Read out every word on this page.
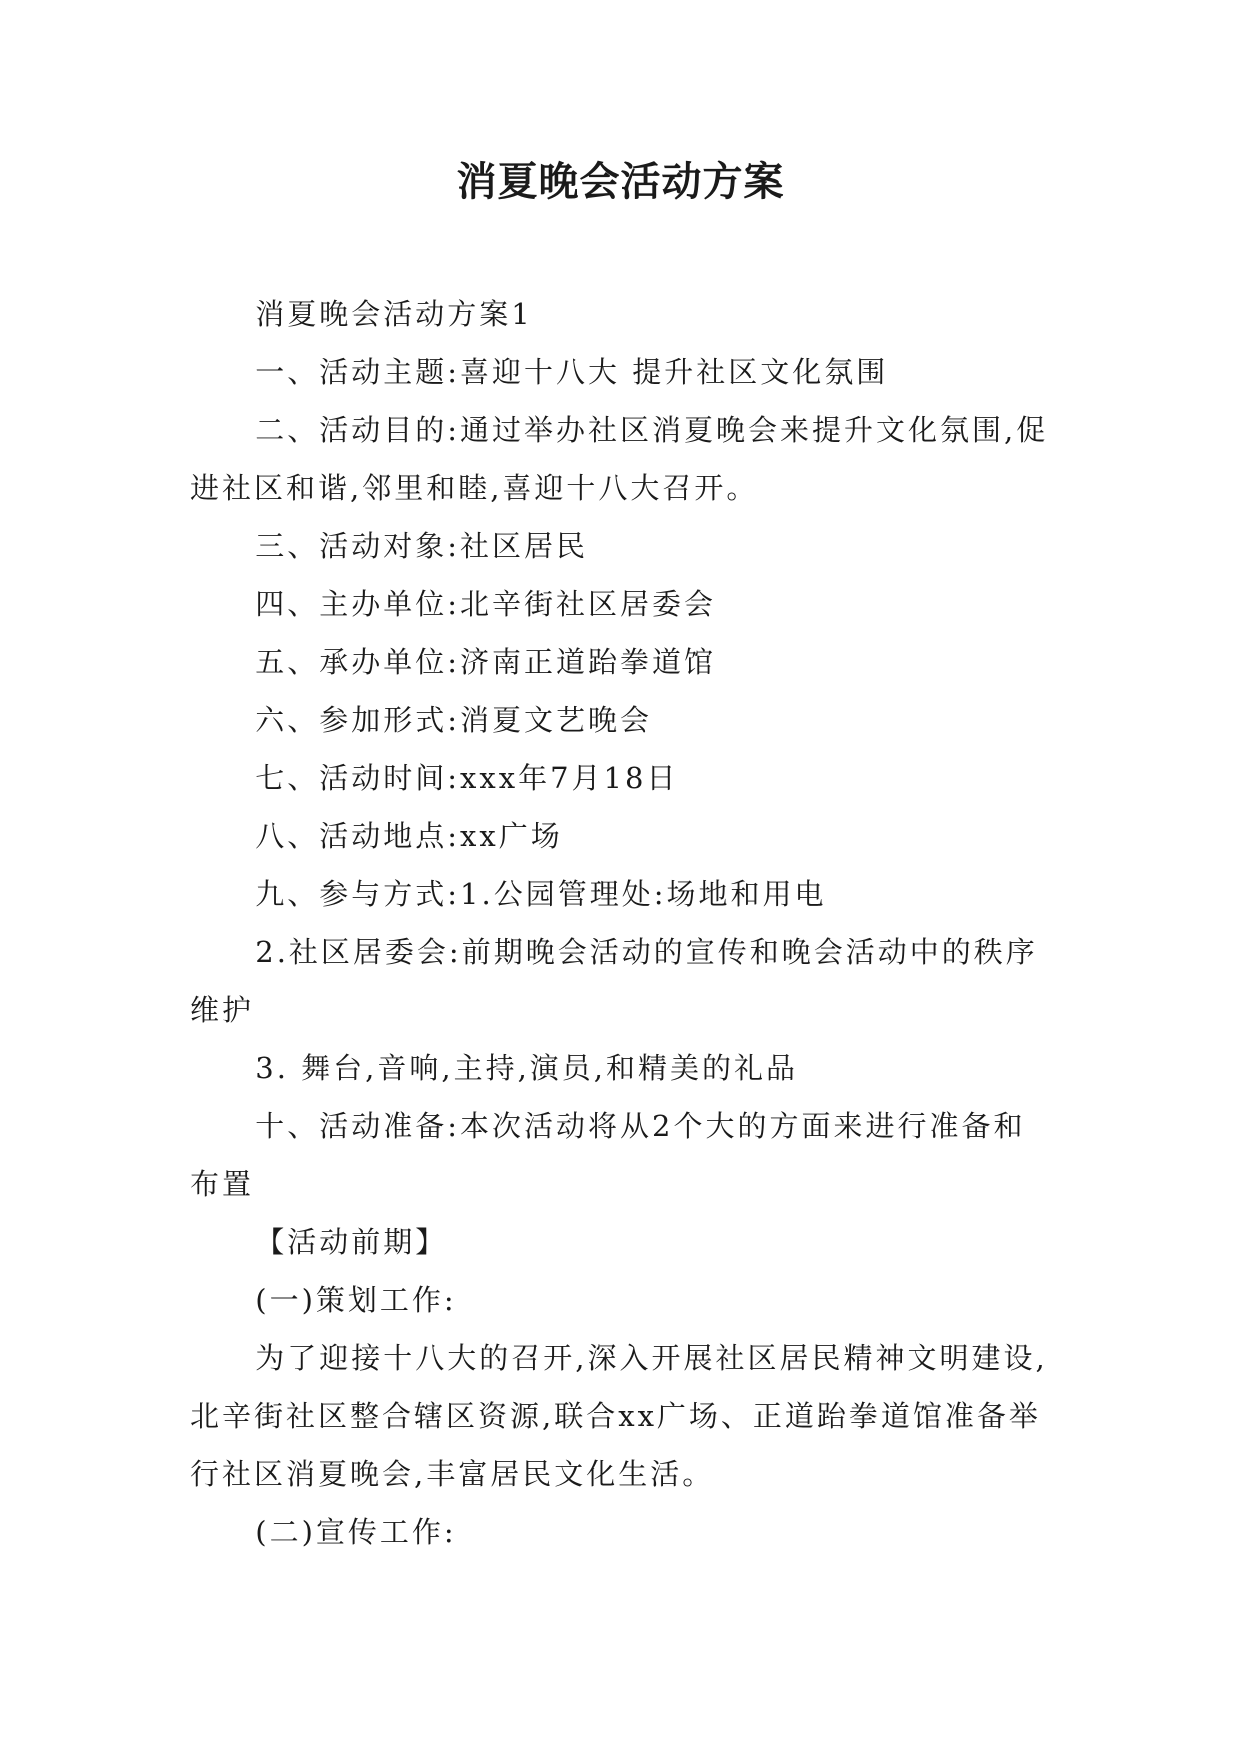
消夏晚会活动方案

消夏晚会活动方案1

一、活动主题:喜迎十八大 提升社区文化氛围

二、活动目的:通过举办社区消夏晚会来提升文化氛围,促进社区和谐,邻里和睦,喜迎十八大召开。

三、活动对象:社区居民

四、主办单位:北辛街社区居委会

五、承办单位:济南正道跆拳道馆

六、参加形式:消夏文艺晚会

七、活动时间:xxx年7月18日

八、活动地点:xx广场

九、参与方式:1.公园管理处:场地和用电

2.社区居委会:前期晚会活动的宣传和晚会活动中的秩序维护

3. 舞台,音响,主持,演员,和精美的礼品

十、活动准备:本次活动将从2个大的方面来进行准备和布置

【活动前期】

(一)策划工作:

为了迎接十八大的召开,深入开展社区居民精神文明建设,北辛街社区整合辖区资源,联合xx广场、正道跆拳道馆准备举行社区消夏晚会,丰富居民文化生活。

(二)宣传工作:
